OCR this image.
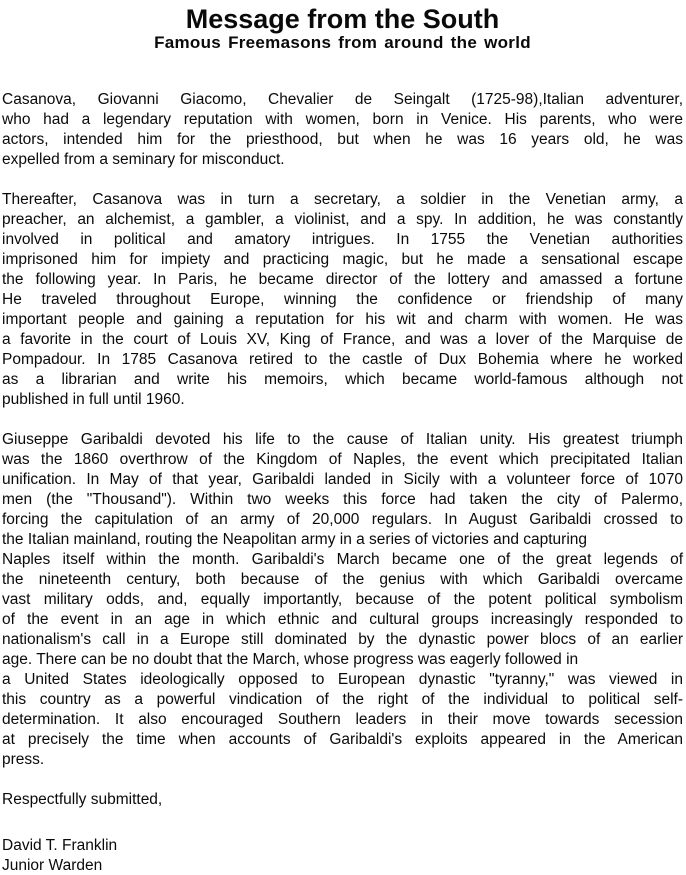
Message from the South
Famous Freemasons from around the world
Casanova, Giovanni Giacomo, Chevalier de Seingalt (1725-98),Italian adventurer,
who had a legendary reputation with women, born in Venice. His parents, who were
actors, intended him for the priesthood, but when he was 16 years old, he was
expelled from a seminary for misconduct.
Thereafter, Casanova was in turn a secretary, a soldier in the Venetian army, a
preacher, an alchemist, a gambler, a violinist, and a spy. In addition, he was constantly
involved in political and amatory intrigues. In 1755 the Venetian authorities
imprisoned him for impiety and practicing magic, but he made a sensational escape
the following year. In Paris, he became director of the lottery and amassed a fortune
He traveled throughout Europe, winning the confidence or friendship of many
important people and gaining a reputation for his wit and charm with women. He was
a favorite in the court of Louis XV, King of France, and was a lover of the Marquise de
Pompadour. In 1785 Casanova retired to the castle of Dux Bohemia where he worked
as a librarian and write his memoirs, which became world-famous although not
published in full until 1960.
Giuseppe Garibaldi devoted his life to the cause of Italian unity. His greatest triumph
was the 1860 overthrow of the Kingdom of Naples, the event which precipitated Italian
unification. In May of that year, Garibaldi landed in Sicily with a volunteer force of 1070
men (the "Thousand"). Within two weeks this force had taken the city of Palermo,
forcing the capitulation of an army of 20,000 regulars. In August Garibaldi crossed to
the Italian mainland, routing the Neapolitan army in a series of victories and capturing
Naples itself within the month. Garibaldi's March became one of the great legends of
the nineteenth century, both because of the genius with which Garibaldi overcame
vast military odds, and, equally importantly, because of the potent political symbolism
of the event in an age in which ethnic and cultural groups increasingly responded to
nationalism's call in a Europe still dominated by the dynastic power blocs of an earlier
age. There can be no doubt that the March, whose progress was eagerly followed in
a United States ideologically opposed to European dynastic "tyranny," was viewed in
this country as a powerful vindication of the right of the individual to political self-
determination. It also encouraged Southern leaders in their move towards secession
at precisely the time when accounts of Garibaldi's exploits appeared in the American
press.

Respectfully submitted,

David T. Franklin

Junior Warden
